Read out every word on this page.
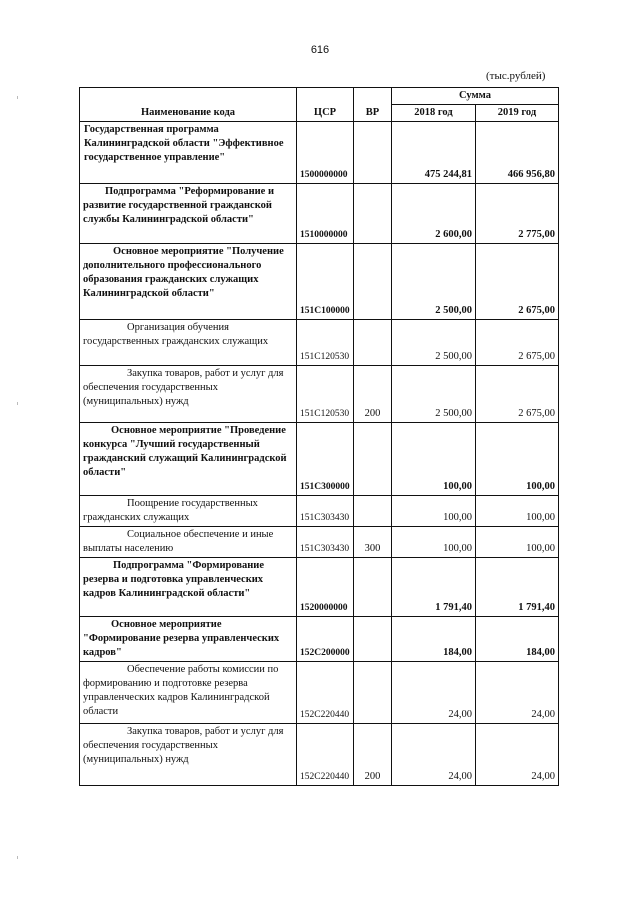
616
(тыс.рублей)
Наименование кода	ЦСР	ВР	Сумма	
			2018 год	2019 год
Государственная программа Калининградской области "Эффективное государственное управление"	1500000000		475 244,81	466 956,80
Подпрограмма "Реформирование и развитие государственной гражданской службы Калининградской области"	1510000000		2 600,00	2 775,00
Основное мероприятие "Получение дополнительного профессионального образования гражданских служащих Калининградской области"	151С100000		2 500,00	2 675,00
Организация обучения государственных гражданских служащих	151С120530		2 500,00	2 675,00
Закупка товаров, работ и услуг для обеспечения государственных (муниципальных) нужд	151С120530	200	2 500,00	2 675,00
Основное мероприятие "Проведение конкурса "Лучший государственный гражданский служащий Калининградской области"	151С300000		100,00	100,00
Поощрение государственных гражданских служащих	151С303430		100,00	100,00
Социальное обеспечение и иные выплаты населению	151С303430	300	100,00	100,00
Подпрограмма "Формирование резерва и подготовка управленческих кадров Калининградской области"	1520000000		1 791,40	1 791,40
Основное мероприятие "Формирование резерва управленческих кадров"	152С200000		184,00	184,00
Обеспечение работы комиссии по формированию и подготовке резерва управленческих кадров Калининградской области	152С220440		24,00	24,00
Закупка товаров, работ и услуг для обеспечения государственных (муниципальных) нужд	152С220440	200	24,00	24,00
